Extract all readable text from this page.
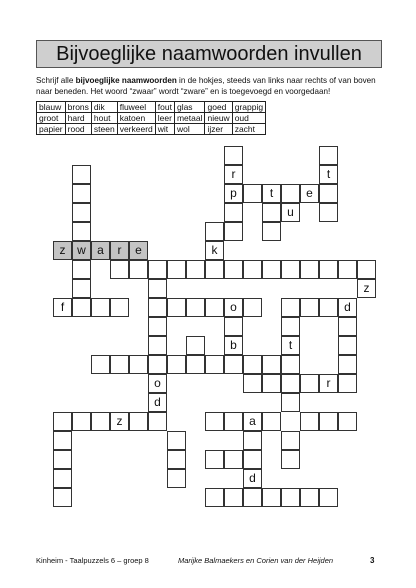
Bijvoeglijke naamwoorden invullen

Schrijf alle bijvoeglijke naamwoorden in de hokjes, steeds van links naar rechts of van boven naar beneden. Het woord “zwaar” wordt “zware” en is toegevoegd en voorgedaan!

blauw	brons	dik	fluweel	fout	glas	goed	grappig
groot	hard	hout	katoen	leer	metaal	nieuw	oud
papier	rood	steen	verkeerd	wit	wol	ijzer	zacht
z w a	r	e
r
p
t
t	e
u
k
z
f	o	d
b	t
o
d
r
z	a
d
Kinheim - Taalpuzzels 6 – groep 8	Marijke Balmaekers en Corien van der Heijden	3
